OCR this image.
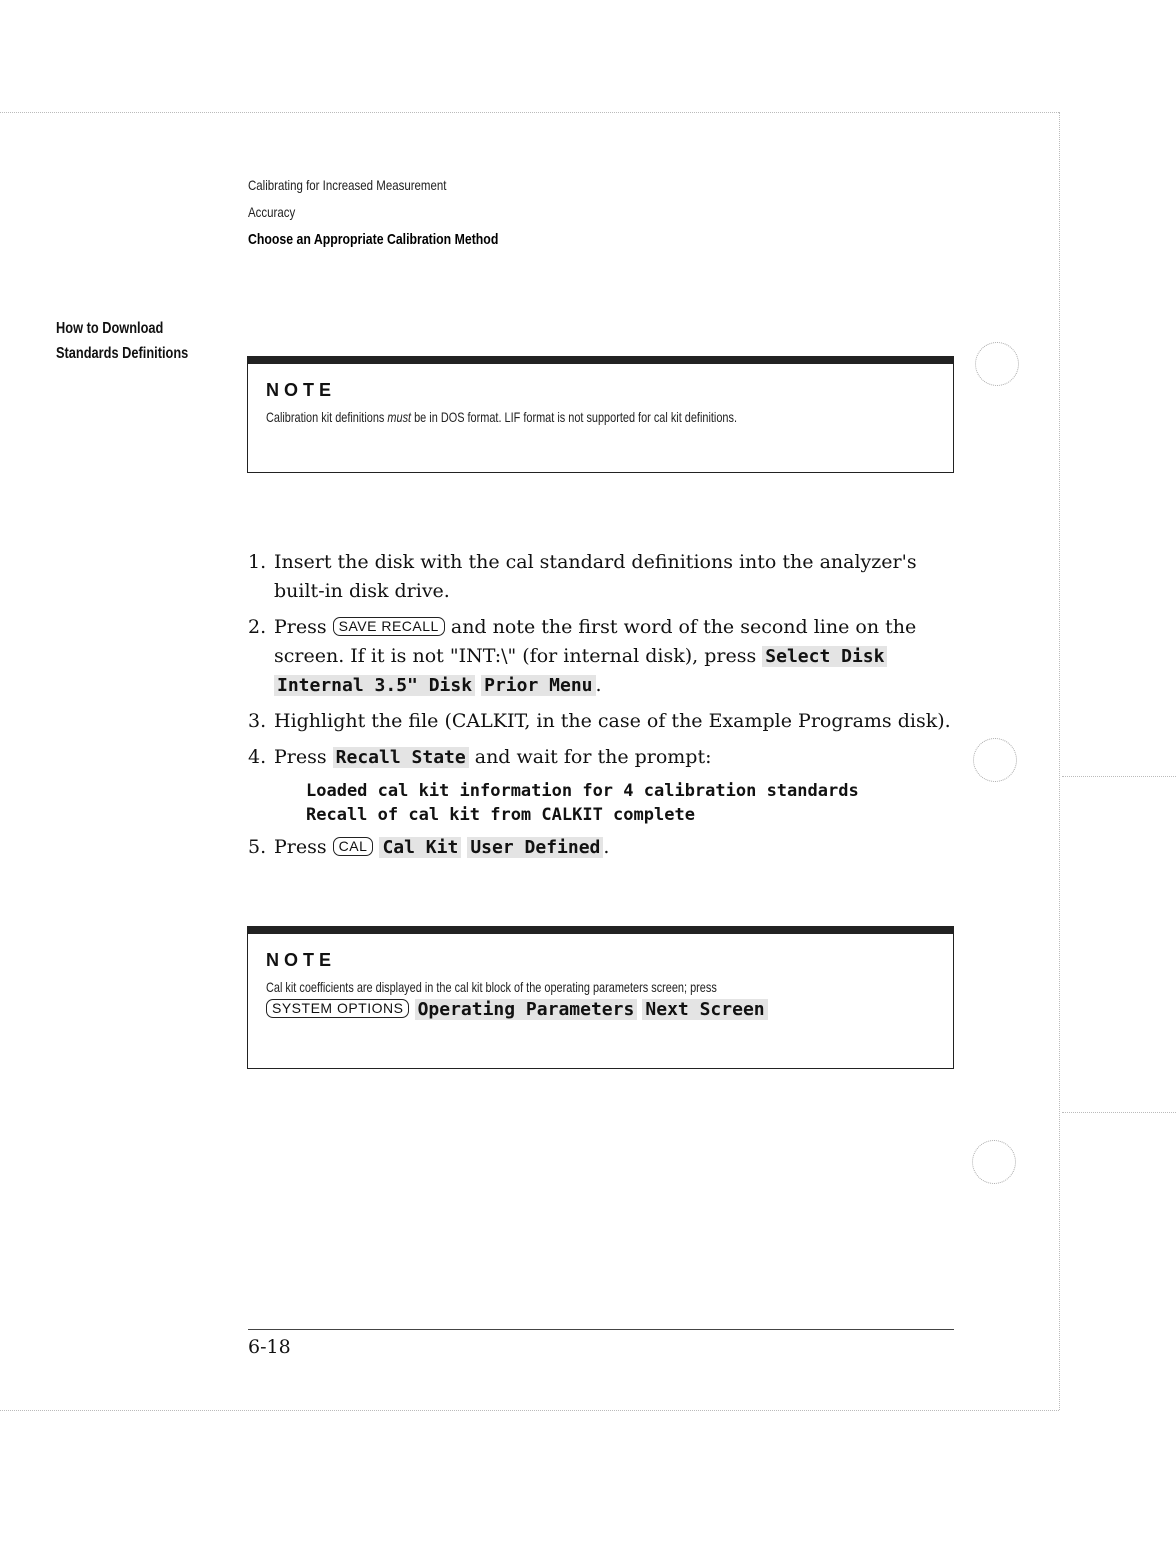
Calibrating for Increased Measurement
Accuracy
Choose an Appropriate Calibration Method
How to Download
Standards Definitions
NOTE
Calibration kit definitions must be in DOS format. LIF format is not supported for cal kit definitions.
1. Insert the disk with the cal standard definitions into the analyzer's built-in disk drive.
2. Press SAVE RECALL and note the first word of the second line on the screen. If it is not "INT:\" (for internal disk), press Select Disk Internal 3.5" Disk Prior Menu .
3. Highlight the file (CALKIT, in the case of the Example Programs disk).
4. Press Recall State and wait for the prompt:
Loaded cal kit information for 4 calibration standards
Recall of cal kit from CALKIT complete
5. Press CAL Cal Kit User Defined .
NOTE
Cal kit coefficients are displayed in the cal kit block of the operating parameters screen; press
SYSTEM OPTIONS Operating Parameters Next Screen
6-18
